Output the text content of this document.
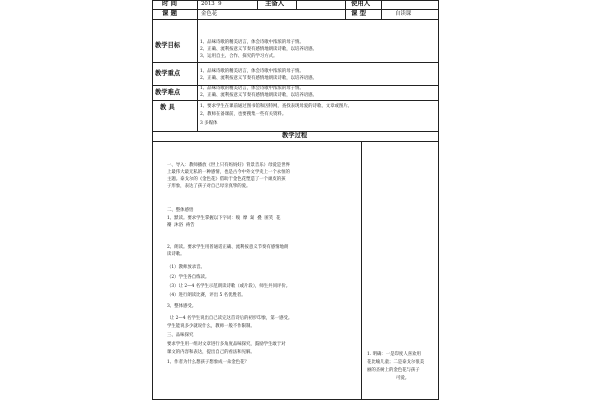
时 间	2013  9	主备人	使用人
课 题	金色花	课 型	自读课
教学目标	1、品味诗歌的精美语言，体会诗歌中浓浓的母子情。
2、正确、流利按意义节奏有感情地朗读诗歌，以培养语感。
3、运用自主、合作、探究的学习方式。
教学重点	1、品味诗歌的精美语言，体会诗歌中浓浓的母子情。
2、正确、流利按意义节奏有感情地朗读诗歌，以培养语感。
教学难点
1、品味诗歌的精美语言，体会诗歌中浓浓的母子情。
2、正确、流利按意义节奏有感情地朗读诗歌，以培养语感。
教 具	1、要求学生在课前通过图书馆和因特网，查找表现母爱的诗歌、文章或图片。
2、教师在备课前，也要搜集一些有关资料。
3 多媒体
教学过程
一、导入：教师播放《世上只有妈妈好》背景音乐）母爱是世界
上最伟大最无私的一种感情，也是古今中外文学史上一个永恒的
主题。泰戈尔的《金色花》借助于金色花塑造了一个顽皮的孩
子形象，表达了孩子对自己母亲真挚的爱。
二、整体感悟
1、默读。要求学生掌握以下字词：嗅  摩  匐  叠  匿笑  花
瓣  沐浴  祷告
2、朗读。要求学生用普通话正确、流利按意义节奏有感情地朗
读诗歌。
（1）教师放录音。
（2）学生各自练读。
（3）让 2—4 名学生示范朗读诗歌（或片段），师生共同评价。
（4）进行朗读比赛，评出 5 名优胜者。
3、整体感受。
让 2—4 名学生说出自己读完这首诗后的初步印象，第一感受。
学生能说多少就说什么，教师一般不作限制。
三、品味探究
要求学生用一组对文章进行多角度品味探究，鼓励学生敢于对
课文的内容和表达，提出自己的看法和见解。
1、作者为什么想孩子想象成一朵金色花？
1. 明确：一是印度人喜欢用
花比喻儿童；二是泰戈尔很美
丽的圣树上的金色花与孩子
可爱。
